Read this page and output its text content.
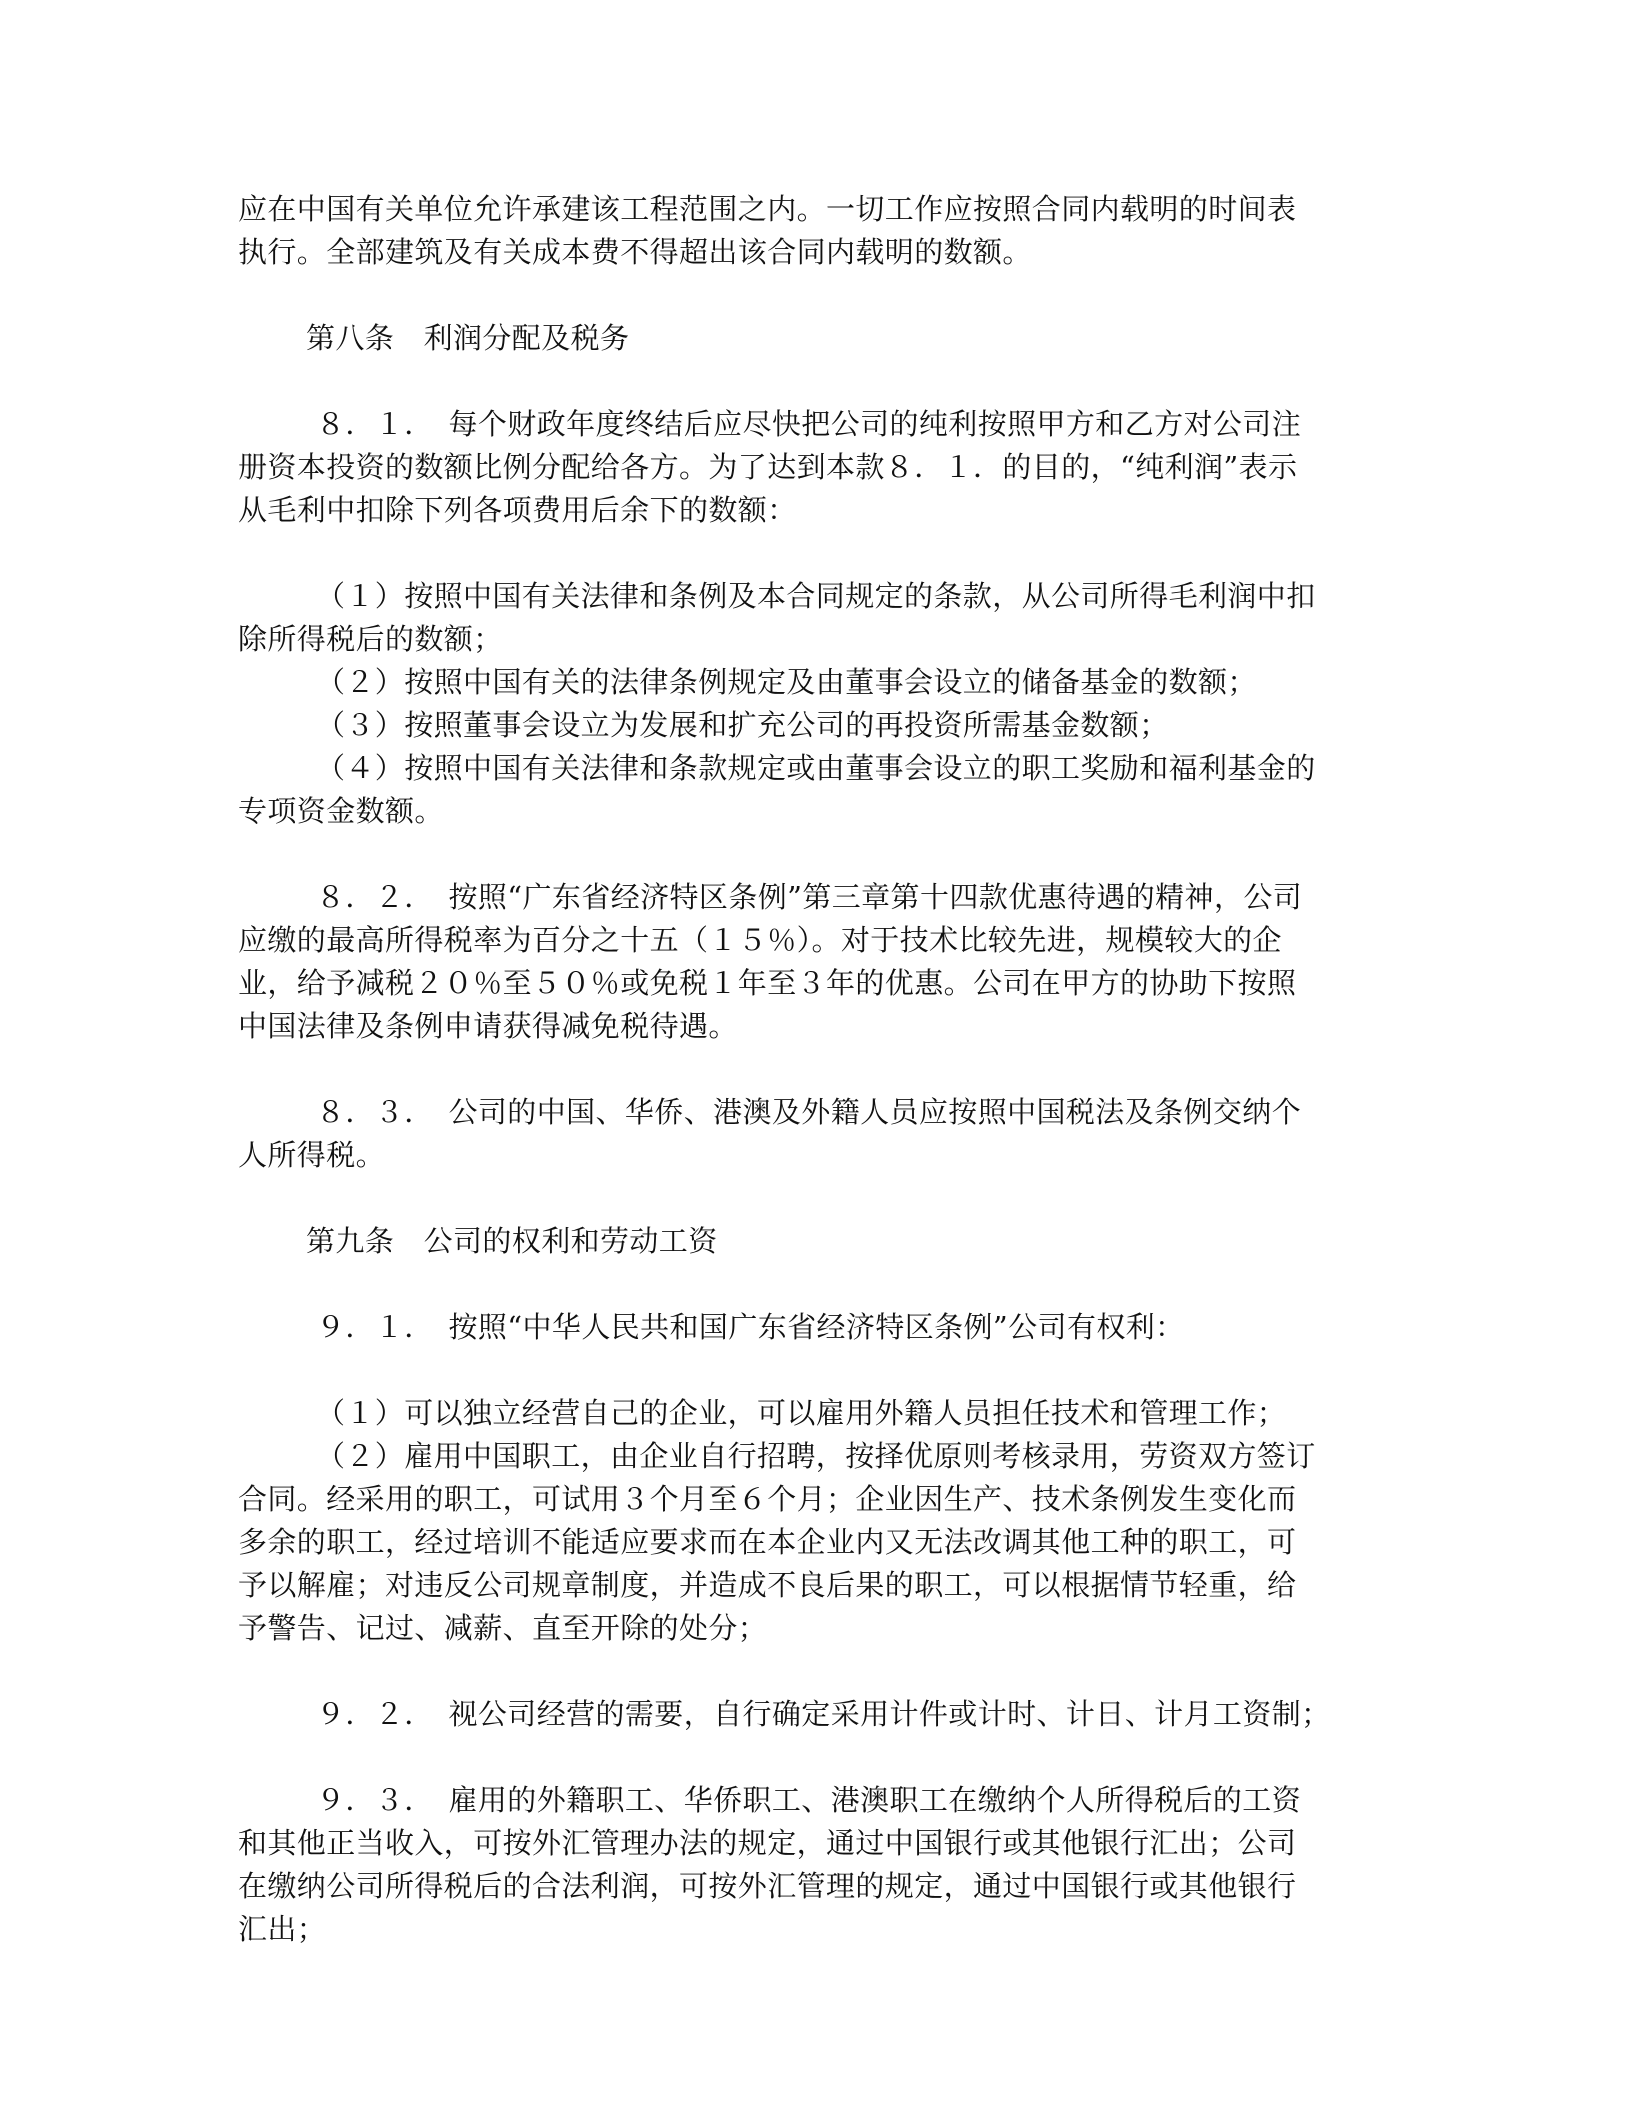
应在中国有关单位允许承建该工程范围之内。一切工作应按照合同内载明的时间表
执行。全部建筑及有关成本费不得超出该合同内载明的数额。
第八条　利润分配及税务
８．１．　每个财政年度终结后应尽快把公司的纯利按照甲方和乙方对公司注
册资本投资的数额比例分配给各方。为了达到本款８．１．的目的，“纯利润”表示
从毛利中扣除下列各项费用后余下的数额：
（１）按照中国有关法律和条例及本合同规定的条款，从公司所得毛利润中扣
除所得税后的数额；
（２）按照中国有关的法律条例规定及由董事会设立的储备基金的数额；
（３）按照董事会设立为发展和扩充公司的再投资所需基金数额；
（４）按照中国有关法律和条款规定或由董事会设立的职工奖励和福利基金的
专项资金数额。
８．２．　按照“广东省经济特区条例”第三章第十四款优惠待遇的精神，公司
应缴的最高所得税率为百分之十五（１５％）。对于技术比较先进，规模较大的企
业，给予减税２０％至５０％或免税１年至３年的优惠。公司在甲方的协助下按照
中国法律及条例申请获得减免税待遇。
８．３．　公司的中国、华侨、港澳及外籍人员应按照中国税法及条例交纳个
人所得税。
第九条　公司的权利和劳动工资
９．１．　按照“中华人民共和国广东省经济特区条例”公司有权利：
（１）可以独立经营自己的企业，可以雇用外籍人员担任技术和管理工作；
（２）雇用中国职工，由企业自行招聘，按择优原则考核录用，劳资双方签订
合同。经采用的职工，可试用３个月至６个月；企业因生产、技术条例发生变化而
多余的职工，经过培训不能适应要求而在本企业内又无法改调其他工种的职工，可
予以解雇；对违反公司规章制度，并造成不良后果的职工，可以根据情节轻重，给
予警告、记过、减薪、直至开除的处分；
９．２．　视公司经营的需要，自行确定采用计件或计时、计日、计月工资制；
９．３．　雇用的外籍职工、华侨职工、港澳职工在缴纳个人所得税后的工资
和其他正当收入，可按外汇管理办法的规定，通过中国银行或其他银行汇出；公司
在缴纳公司所得税后的合法利润，可按外汇管理的规定，通过中国银行或其他银行
汇出；
